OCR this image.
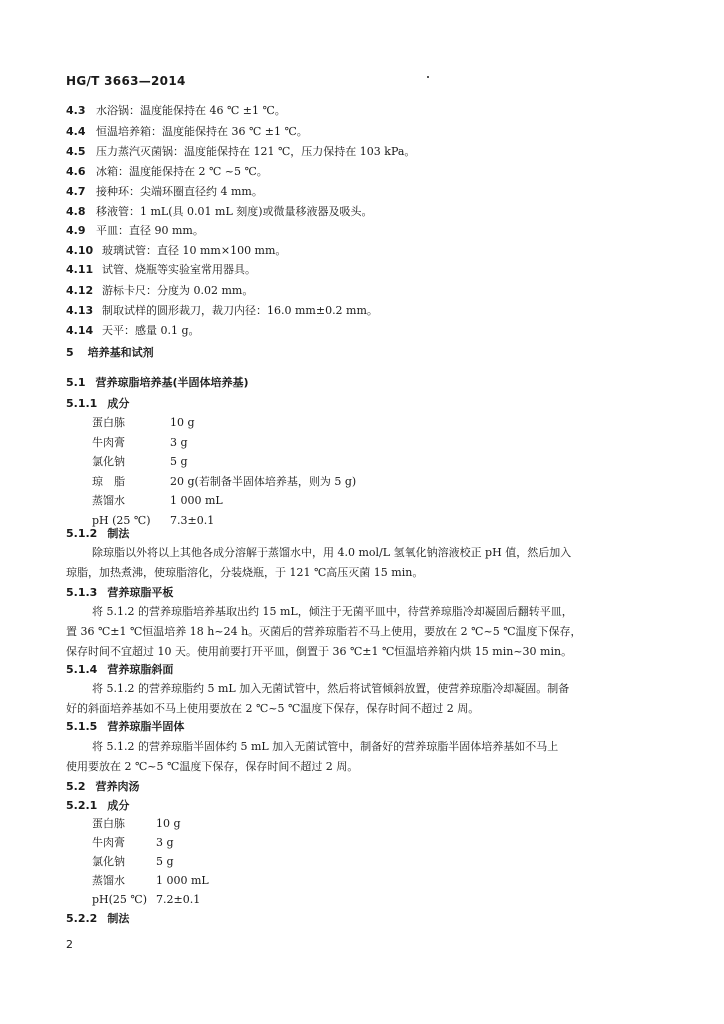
HG/T 3663—2014
4.3 水浴锅：温度能保持在 46 ℃ ±1 ℃。
4.4 恒温培养箱：温度能保持在 36 ℃ ±1 ℃。
4.5 压力蒸汽灭菌锅：温度能保持在 121 ℃，压力保持在 103 kPa。
4.6 冰箱：温度能保持在 2 ℃ ~5 ℃。
4.7 接种环：尖端环圈直径约 4 mm。
4.8 移液管：1 mL(具 0.01 mL 刻度)或微量移液器及吸头。
4.9 平皿：直径 90 mm。
4.10 玻璃试管：直径 10 mm×100 mm。
4.11 试管、烧瓶等实验室常用器具。
4.12 游标卡尺：分度为 0.02 mm。
4.13 制取试样的圆形裁刀，裁刀内径：16.0 mm±0.2 mm。
4.14 天平：感量 0.1 g。
5 培养基和试剂
5.1 营养琼脂培养基(半固体培养基)
5.1.1 成分
蛋白胨	10 g
牛肉膏	3 g
氯化钠	5 g
琼　脂	20 g(若制备半固体培养基，则为 5 g)
蒸馏水	1 000 mL
pH (25 ℃) 7.3±0.1
5.1.2 制法
除琼脂以外将以上其他各成分溶解于蒸馏水中，用 4.0 mol/L 氢氧化钠溶液校正 pH 值，然后加入
琼脂，加热煮沸，使琼脂溶化，分装烧瓶，于 121 ℃高压灭菌 15 min。
5.1.3 营养琼脂平板
将 5.1.2 的营养琼脂培养基取出约 15 mL，倾注于无菌平皿中，待营养琼脂冷却凝固后翻转平皿，
置 36 ℃±1 ℃恒温培养 18 h~24 h。灭菌后的营养琼脂若不马上使用，要放在 2 ℃~5 ℃温度下保存，
保存时间不宜超过 10 天。使用前要打开平皿，倒置于 36 ℃±1 ℃恒温培养箱内烘 15 min~30 min。
5.1.4 营养琼脂斜面
将 5.1.2 的营养琼脂约 5 mL 加入无菌试管中，然后将试管倾斜放置，使营养琼脂冷却凝固。制备
好的斜面培养基如不马上使用要放在 2 ℃~5 ℃温度下保存，保存时间不超过 2 周。
5.1.5 营养琼脂半固体
将 5.1.2 的营养琼脂半固体约 5 mL 加入无菌试管中，制备好的营养琼脂半固体培养基如不马上
使用要放在 2 ℃~5 ℃温度下保存，保存时间不超过 2 周。
5.2 营养肉汤
5.2.1 成分
蛋白胨	10 g
牛肉膏	3 g
氯化钠	5 g
蒸馏水	1 000 mL
pH(25 ℃) 7.2±0.1
5.2.2 制法
2
